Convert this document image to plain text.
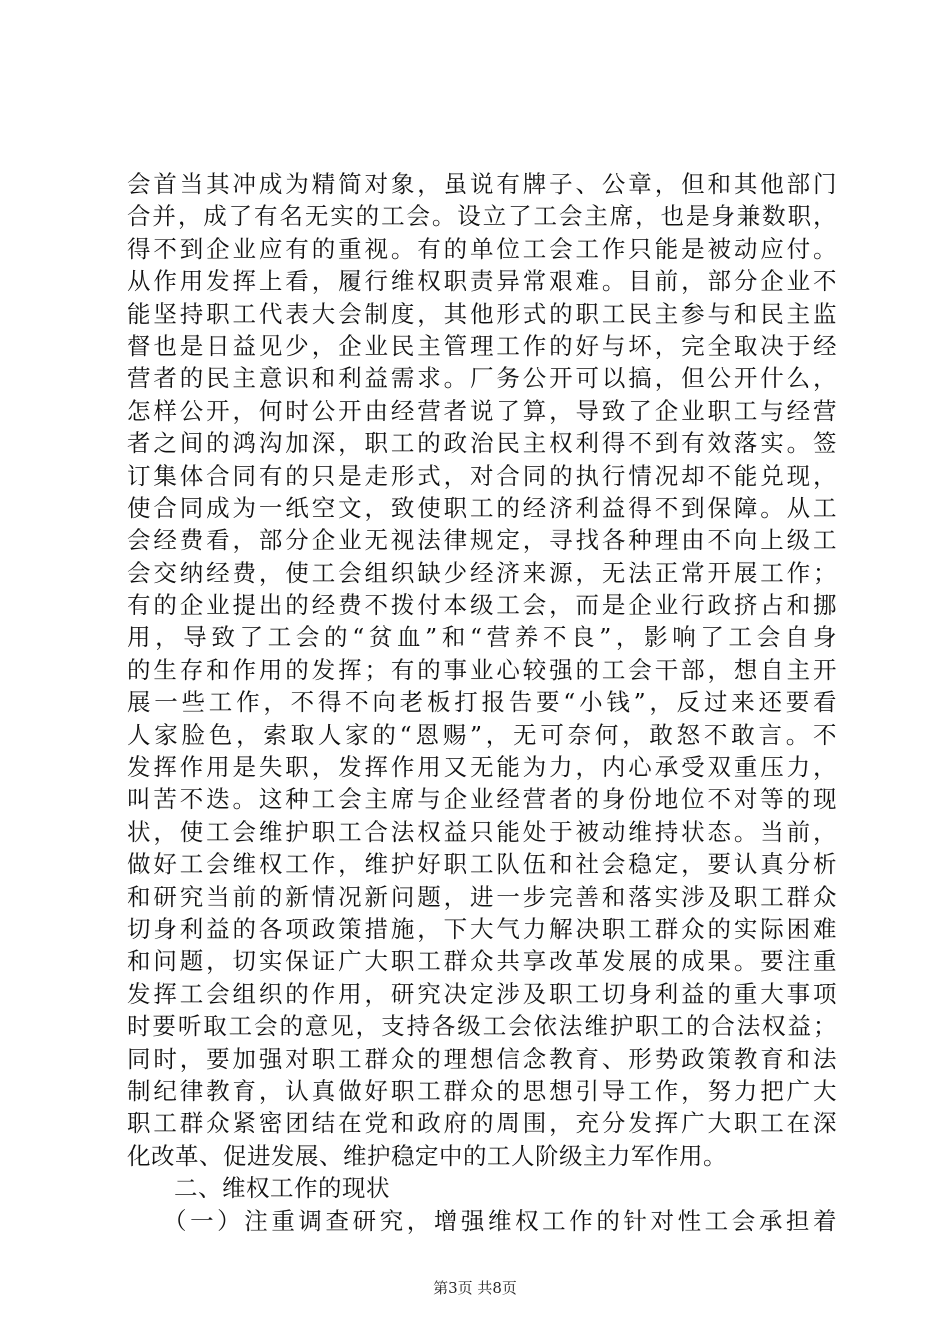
会首当其冲成为精简对象，虽说有牌子、公章，但和其他部门
合并，成了有名无实的工会。设立了工会主席，也是身兼数职，
得不到企业应有的重视。有的单位工会工作只能是被动应付。
从作用发挥上看，履行维权职责异常艰难。目前，部分企业不
能坚持职工代表大会制度，其他形式的职工民主参与和民主监
督也是日益见少，企业民主管理工作的好与坏，完全取决于经
营者的民主意识和利益需求。厂务公开可以搞，但公开什么，
怎样公开，何时公开由经营者说了算，导致了企业职工与经营
者之间的鸿沟加深，职工的政治民主权利得不到有效落实。签
订集体合同有的只是走形式，对合同的执行情况却不能兑现，
使合同成为一纸空文，致使职工的经济利益得不到保障。从工
会经费看，部分企业无视法律规定，寻找各种理由不向上级工
会交纳经费，使工会组织缺少经济来源，无法正常开展工作；
有的企业提出的经费不拨付本级工会，而是企业行政挤占和挪
用，导致了工会的“贫血”和“营养不良”，影响了工会自身
的生存和作用的发挥；有的事业心较强的工会干部，想自主开
展一些工作，不得不向老板打报告要“小钱”，反过来还要看
人家脸色，索取人家的“恩赐”，无可奈何，敢怒不敢言。不
发挥作用是失职，发挥作用又无能为力，内心承受双重压力，
叫苦不迭。这种工会主席与企业经营者的身份地位不对等的现
状，使工会维护职工合法权益只能处于被动维持状态。当前，
做好工会维权工作，维护好职工队伍和社会稳定，要认真分析
和研究当前的新情况新问题，进一步完善和落实涉及职工群众
切身利益的各项政策措施，下大气力解决职工群众的实际困难
和问题，切实保证广大职工群众共享改革发展的成果。要注重
发挥工会组织的作用，研究决定涉及职工切身利益的重大事项
时要听取工会的意见，支持各级工会依法维护职工的合法权益；
同时，要加强对职工群众的理想信念教育、形势政策教育和法
制纪律教育，认真做好职工群众的思想引导工作，努力把广大
职工群众紧密团结在党和政府的周围，充分发挥广大职工在深
化改革、促进发展、维护稳定中的工人阶级主力军作用。
二、维权工作的现状
（一）注重调查研究，增强维权工作的针对性工会承担着
第3页 共8页
